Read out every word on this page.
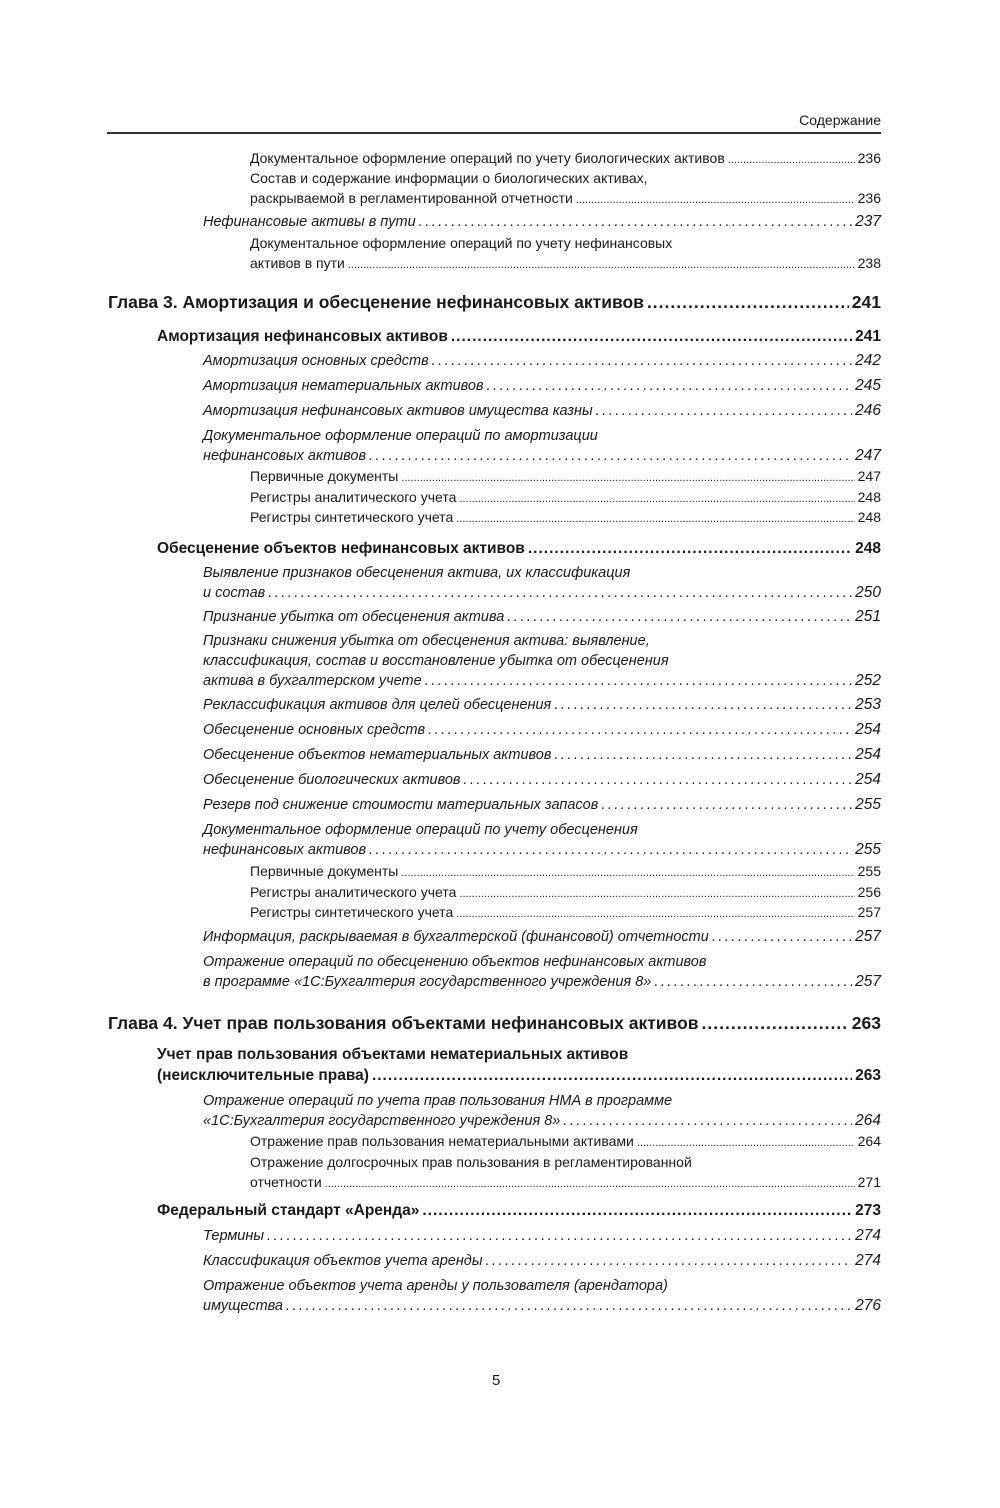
Содержание
Документальное оформление операций по учету биологических активов .....	236
Состав и содержание информации о биологических активах,
раскрываемой в регламентированной отчетности .....	236
Нефинансовые активы в пути .....	237
Документальное оформление операций по учету нефинансовых
активов в пути .....	238
Глава 3. Амортизация и обесценение нефинансовых активов .....	241
Амортизация нефинансовых активов .....	241
Амортизация основных средств .....	242
Амортизация нематериальных активов .....	245
Амортизация нефинансовых активов имущества казны .....	246
Документальное оформление операций по амортизации
нефинансовых активов .....	247
Первичные документы .....	247
Регистры аналитического учета .....	248
Регистры синтетического учета .....	248
Обесценение объектов нефинансовых активов .....	248
Выявление признаков обесценения актива, их классификация
и состав .....	250
Признание убытка от обесценения актива .....	251
Признаки снижения убытка от обесценения актива: выявление,
классификация, состав и восстановление убытка от обесценения
актива в бухгалтерском учете .....	252
Реклассификация активов для целей обесценения .....	253
Обесценение основных средств .....	254
Обесценение объектов нематериальных активов .....	254
Обесценение биологических активов .....	254
Резерв под снижение стоимости материальных запасов .....	255
Документальное оформление операций по учету обесценения
нефинансовых активов .....	255
Первичные документы .....	255
Регистры аналитического учета .....	256
Регистры синтетического учета .....	257
Информация, раскрываемая в бухгалтерской (финансовой) отчетности .....	257
Отражение операций по обесценению объектов нефинансовых активов
в программе «1С:Бухгалтерия государственного учреждения 8» .....	257
Глава 4. Учет прав пользования объектами нефинансовых активов .....	263
Учет прав пользования объектами нематериальных активов
(неисключительные права) .....	263
Отражение операций по учета прав пользования НМА в программе
«1С:Бухгалтерия государственного учреждения 8» .....	264
Отражение прав пользования нематериальными активами .....	264
Отражение долгосрочных прав пользования в регламентированной
отчетности .....	271
Федеральный стандарт «Аренда» .....	273
Термины .....	274
Классификация объектов учета аренды .....	274
Отражение объектов учета аренды у пользователя (арендатора)
имущества .....	276
5
